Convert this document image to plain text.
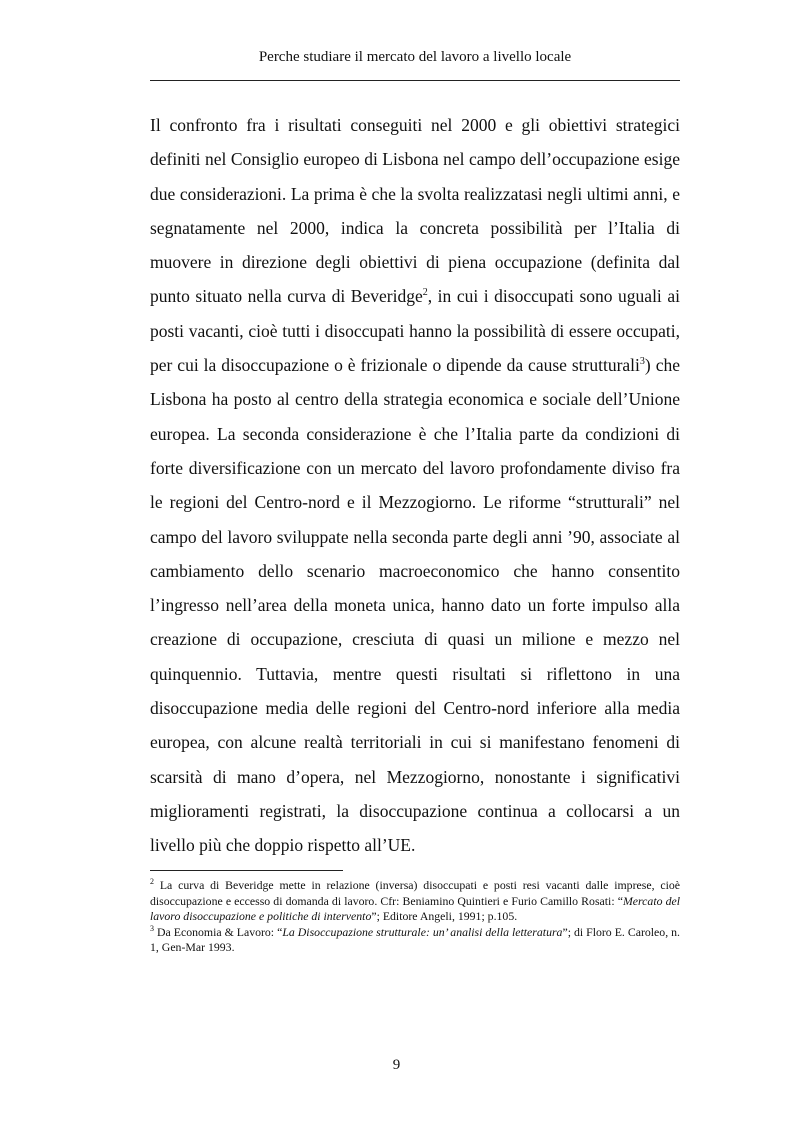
Perche studiare il mercato del lavoro a livello locale

Il confronto fra i risultati conseguiti nel 2000 e gli obiettivi strategici definiti nel Consiglio europeo di Lisbona nel campo dell’occupazione esige due considerazioni. La prima è che la svolta realizzatasi negli ultimi anni, e segnatamente nel 2000, indica la concreta possibilità per l’Italia di muovere in direzione degli obiettivi di piena occupazione (definita dal punto situato nella curva di Beveridge$^2$, in cui i disoccupati sono uguali ai posti vacanti, cioè tutti i disoccupati hanno la possibilità di essere occupati, per cui la disoccupazione o è frizionale o dipende da cause strutturali$^3$) che Lisbona ha posto al centro della strategia economica e sociale dell’Unione europea. La seconda considerazione è che l’Italia parte da condizioni di forte diversificazione con un mercato del lavoro profondamente diviso fra le regioni del Centro-nord e il Mezzogiorno. Le riforme “strutturali” nel campo del lavoro sviluppate nella seconda parte degli anni ’90, associate al cambiamento dello scenario macroeconomico che hanno consentito l’ingresso nell’area della moneta unica, hanno dato un forte impulso alla creazione di occupazione, cresciuta di quasi un milione e mezzo nel quinquennio. Tuttavia, mentre questi risultati si riflettono in una disoccupazione media delle regioni del Centro-nord inferiore alla media europea, con alcune realtà territoriali in cui si manifestano fenomeni di scarsità di mano d’opera, nel Mezzogiorno, nonostante i significativi miglioramenti registrati, la disoccupazione continua a collocarsi a un livello più che doppio rispetto all’UE.

$^2$ La curva di Beveridge mette in relazione (inversa) disoccupati e posti resi vacanti dalle imprese, cioè disoccupazione e eccesso di domanda di lavoro. Cfr: Beniamino Quintieri e Furio Camillo Rosati: “Mercato del lavoro disoccupazione e politiche di intervento”; Editore Angeli, 1991; p.105.

$^3$ Da Economia & Lavoro: “La Disoccupazione strutturale: un’ analisi della letteratura”; di Floro E. Caroleo, n. 1, Gen-Mar 1993.

9
